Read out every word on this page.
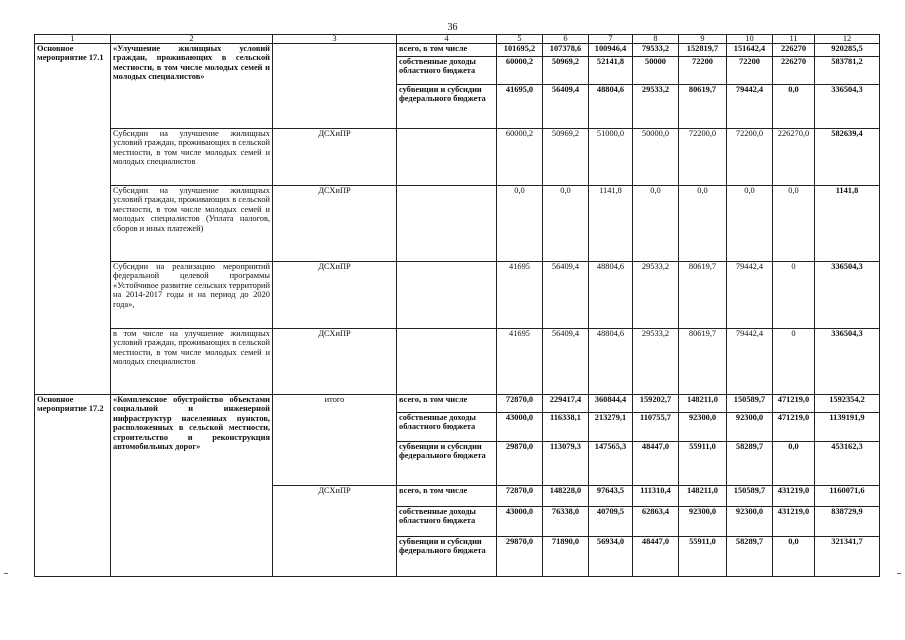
36
1	2	3	4	5	6	7	8	9	10	11	12
Основное мероприятие 17.1	«Улучшение жилищных условий граждан, проживающих в сельской местности, в том числе молодых семей и молодых специалистов»		всего, в том числе	101695,2	107378,6	100946,4	79533,2	152819,7	151642,4	226270	920285,5
			собственные доходы областного бюджета	60000,2	50969,2	52141,8	50000	72200	72200	226270	583781,2
			субвенции и субсидии федерального бюджета	41695,0	56409,4	48804,6	29533,2	80619,7	79442,4	0,0	336504,3
	Субсидии на улучшение жилищных условий граждан, проживающих в сельской местности, в том числе молодых семей и молодых специалистов	ДСХиПР		60000,2	50969,2	51000,0	50000,0	72200,0	72200,0	226270,0	582639,4
	Субсидии на улучшение жилищных условий граждан, проживающих в сельской местности, в том числе молодых семей и молодых специалистов (Уплата налогов, сборов и иных платежей)	ДСХиПР		0,0	0,0	1141,8	0,0	0,0	0,0	0,0	1141,8
	Субсидии на реализацию мероприятий федеральной целевой программы «Устойчивое развитие сельских территорий на 2014-2017 годы и на период до 2020 года»,	ДСХиПР		41695	56409,4	48804,6	29533,2	80619,7	79442,4	0	336504,3
	в том числе на улучшение жилищных условий граждан, проживающих в сельской местности, в том числе молодых семей и молодых специалистов	ДСХиПР		41695	56409,4	48804,6	29533,2	80619,7	79442,4	0	336504,3
Основное мероприятие 17.2	«Комплексное обустройство объектами социальной и инженерной инфраструктур населенных пунктов, расположенных в сельской местности, строительство и реконструкция автомобильных дорог»	итого	всего, в том числе	72870,0	229417,4	360844,4	159202,7	148211,0	150589,7	471219,0	1592354,2
			собственные доходы областного бюджета	43000,0	116338,1	213279,1	110755,7	92300,0	92300,0	471219,0	1139191,9
			субвенции и субсидии федерального бюджета	29870,0	113079,3	147565,3	48447,0	55911,0	58289,7	0,0	453162,3
		ДСХиПР	всего, в том числе	72870,0	148228,0	97643,5	111310,4	148211,0	150589,7	431219,0	1160071,6
			собственные доходы областного бюджета	43000,0	76338,0	40709,5	62863,4	92300,0	92300,0	431219,0	838729,9
			субвенции и субсидии федерального бюджета	29870,0	71890,0	56934,0	48447,0	55911,0	58289,7	0,0	321341,7
